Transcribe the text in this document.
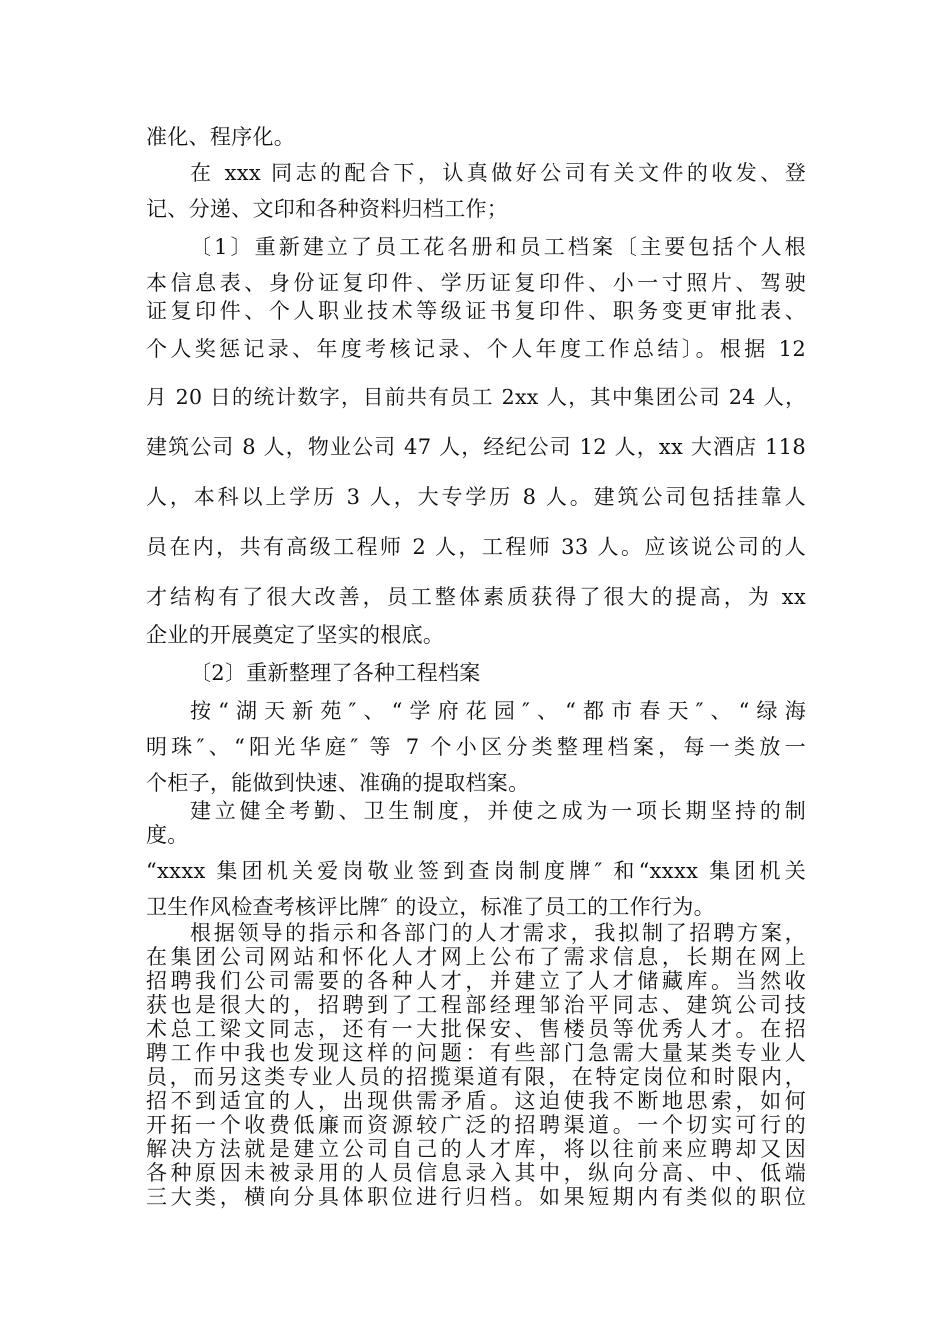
准化、程序化。
在 xxx 同志的配合下，认真做好公司有关文件的收发、登
记、分递、文印和各种资料归档工作；
〔1〕重新建立了员工花名册和员工档案〔主要包括个人根
本信息表、身份证复印件、学历证复印件、小一寸照片、驾驶
证复印件、个人职业技术等级证书复印件、职务变更审批表、
个人奖惩记录、年度考核记录、个人年度工作总结〕。根据 12
月 20 日的统计数字，目前共有员工 2xx 人，其中集团公司 24 人，
建筑公司 8 人，物业公司 47 人，经纪公司 12 人，xx 大酒店 118
人，本科以上学历 3 人，大专学历 8 人。建筑公司包括挂靠人
员在内，共有高级工程师 2 人，工程师 33 人。应该说公司的人
才结构有了很大改善，员工整体素质获得了很大的提高，为 xx
企业的开展奠定了坚实的根底。
〔2〕重新整理了各种工程档案
按“湖天新苑″、“学府花园″、“都市春天″、“绿海
明珠″、“阳光华庭″ 等 7 个小区分类整理档案，每一类放一
个柜子，能做到快速、准确的提取档案。
建立健全考勤、卫生制度，并使之成为一项长期坚持的制
度。
“xxxx 集团机关爱岗敬业签到查岗制度牌″ 和“xxxx 集团机关
卫生作风检查考核评比牌″ 的设立，标准了员工的工作行为。
根据领导的指示和各部门的人才需求，我拟制了招聘方案，
在集团公司网站和怀化人才网上公布了需求信息，长期在网上
招聘我们公司需要的各种人才，并建立了人才储藏库。当然收
获也是很大的，招聘到了工程部经理邹治平同志、建筑公司技
术总工梁文同志，还有一大批保安、售楼员等优秀人才。在招
聘工作中我也发现这样的问题：有些部门急需大量某类专业人
员，而另这类专业人员的招揽渠道有限，在特定岗位和时限内，
招不到适宜的人，出现供需矛盾。这迫使我不断地思索，如何
开拓一个收费低廉而资源较广泛的招聘渠道。一个切实可行的
解决方法就是建立公司自己的人才库，将以往前来应聘却又因
各种原因未被录用的人员信息录入其中，纵向分高、中、低端
三大类，横向分具体职位进行归档。如果短期内有类似的职位
